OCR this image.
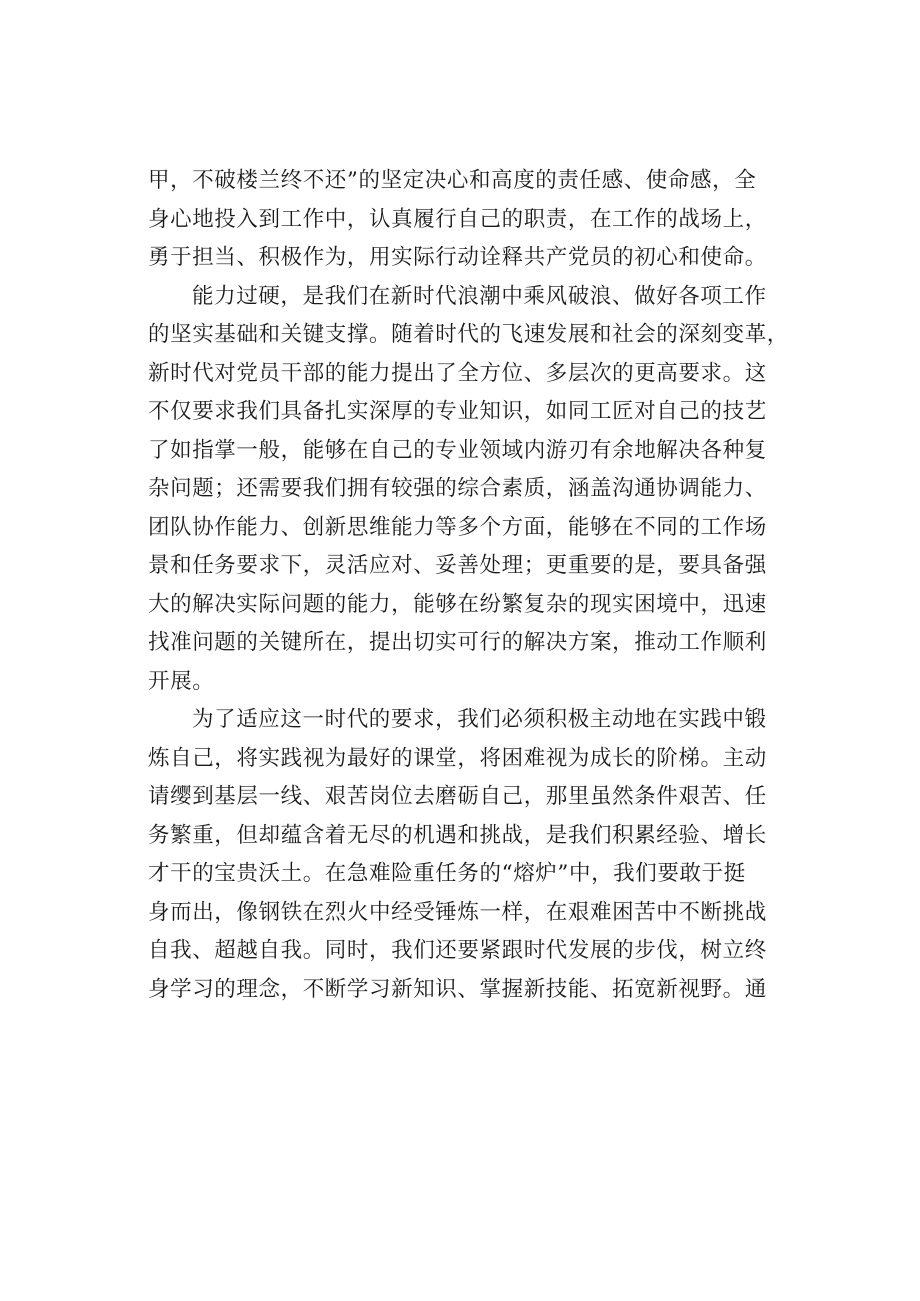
甲，不破楼兰终不还”的坚定决心和高度的责任感、使命感，全
身心地投入到工作中，认真履行自己的职责，在工作的战场上，
勇于担当、积极作为，用实际行动诠释共产党员的初心和使命。
能力过硬，是我们在新时代浪潮中乘风破浪、做好各项工作
的坚实基础和关键支撑。随着时代的飞速发展和社会的深刻变革，
新时代对党员干部的能力提出了全方位、多层次的更高要求。这
不仅要求我们具备扎实深厚的专业知识，如同工匠对自己的技艺
了如指掌一般，能够在自己的专业领域内游刃有余地解决各种复
杂问题；还需要我们拥有较强的综合素质，涵盖沟通协调能力、
团队协作能力、创新思维能力等多个方面，能够在不同的工作场
景和任务要求下，灵活应对、妥善处理；更重要的是，要具备强
大的解决实际问题的能力，能够在纷繁复杂的现实困境中，迅速
找准问题的关键所在，提出切实可行的解决方案，推动工作顺利
开展。
为了适应这一时代的要求，我们必须积极主动地在实践中锻
炼自己，将实践视为最好的课堂，将困难视为成长的阶梯。主动
请缨到基层一线、艰苦岗位去磨砺自己，那里虽然条件艰苦、任
务繁重，但却蕴含着无尽的机遇和挑战，是我们积累经验、增长
才干的宝贵沃土。在急难险重任务的“熔炉”中，我们要敢于挺
身而出，像钢铁在烈火中经受锤炼一样，在艰难困苦中不断挑战
自我、超越自我。同时，我们还要紧跟时代发展的步伐，树立终
身学习的理念，不断学习新知识、掌握新技能、拓宽新视野。通
